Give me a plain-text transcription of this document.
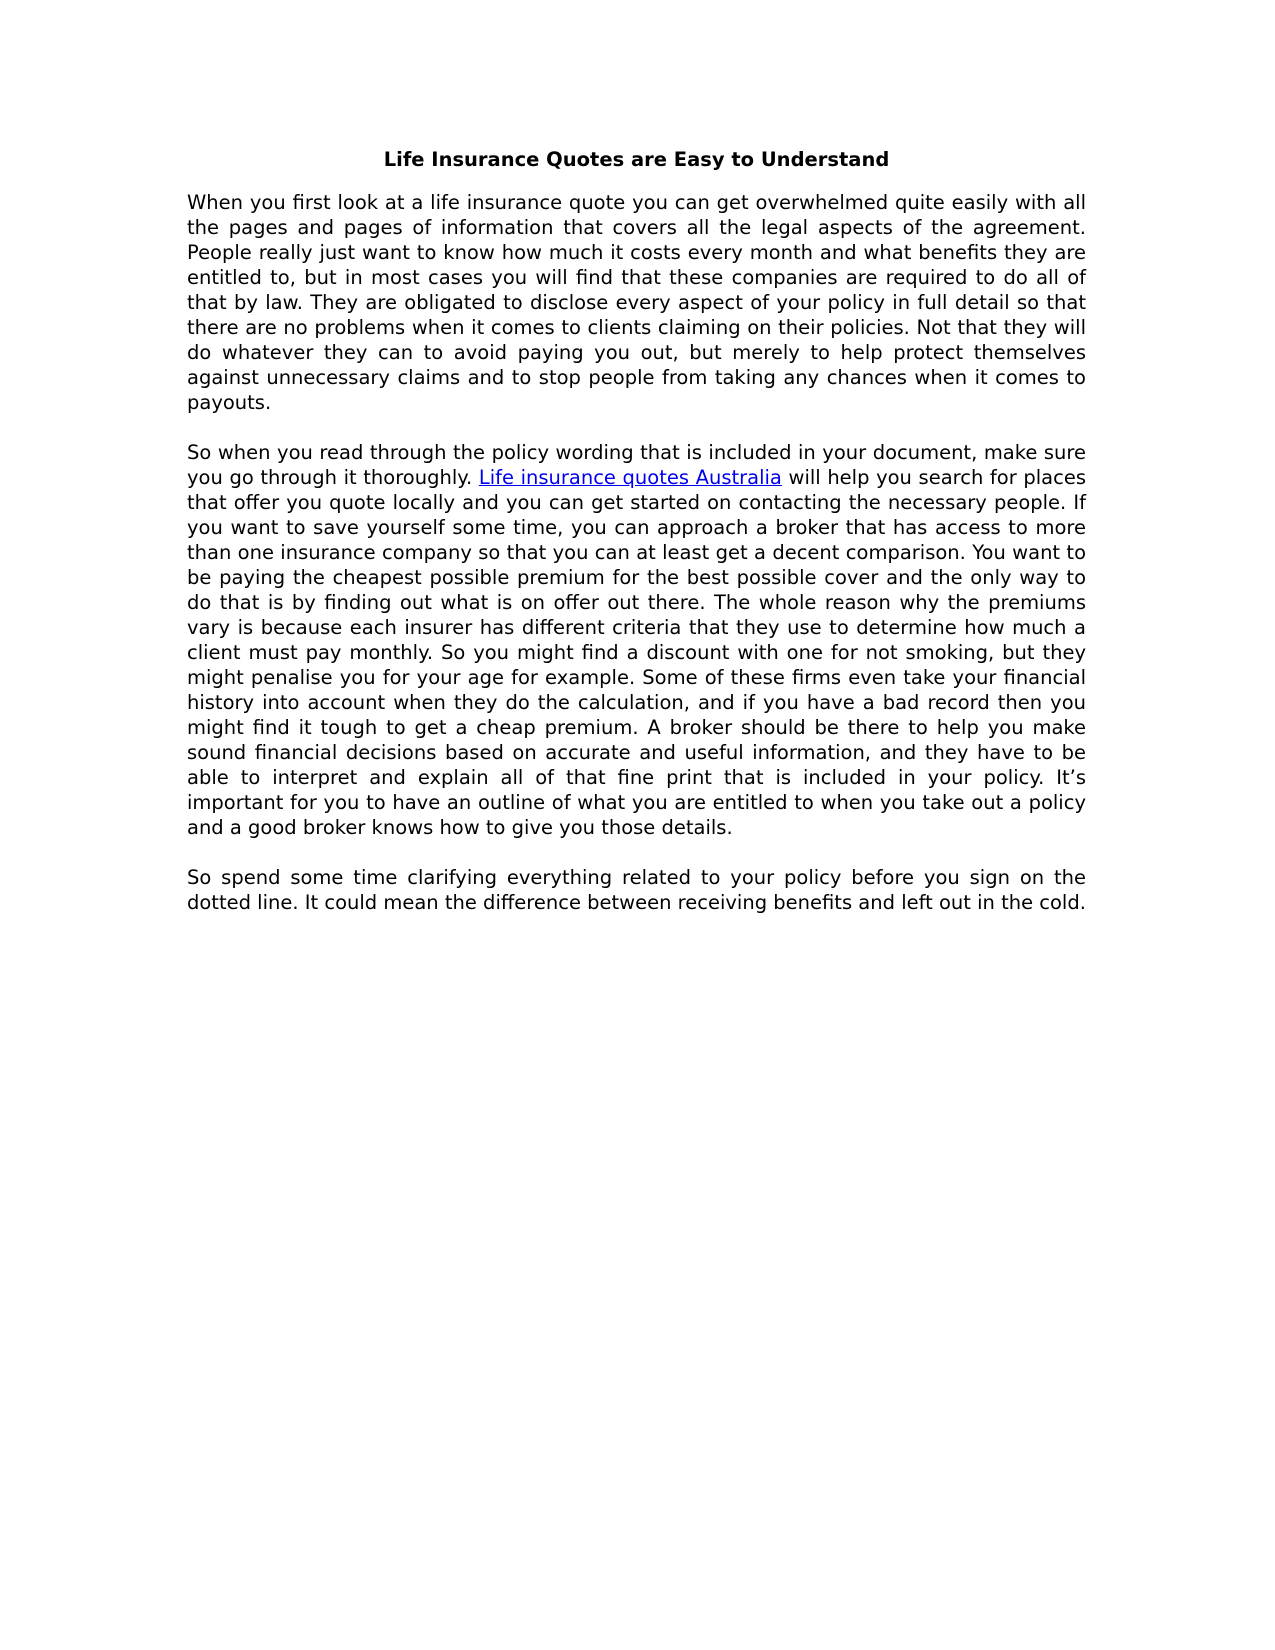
Life Insurance Quotes are Easy to Understand

When you first look at a life insurance quote you can get overwhelmed quite easily with all the pages and pages of information that covers all the legal aspects of the agreement. People really just want to know how much it costs every month and what benefits they are entitled to, but in most cases you will find that these companies are required to do all of that by law. They are obligated to disclose every aspect of your policy in full detail so that there are no problems when it comes to clients claiming on their policies. Not that they will do whatever they can to avoid paying you out, but merely to help protect themselves against unnecessary claims and to stop people from taking any chances when it comes to payouts.

So when you read through the policy wording that is included in your document, make sure you go through it thoroughly. Life insurance quotes Australia will help you search for places that offer you quote locally and you can get started on contacting the necessary people. If you want to save yourself some time, you can approach a broker that has access to more than one insurance company so that you can at least get a decent comparison. You want to be paying the cheapest possible premium for the best possible cover and the only way to do that is by finding out what is on offer out there. The whole reason why the premiums vary is because each insurer has different criteria that they use to determine how much a client must pay monthly. So you might find a discount with one for not smoking, but they might penalise you for your age for example. Some of these firms even take your financial history into account when they do the calculation, and if you have a bad record then you might find it tough to get a cheap premium. A broker should be there to help you make sound financial decisions based on accurate and useful information, and they have to be able to interpret and explain all of that fine print that is included in your policy. It’s important for you to have an outline of what you are entitled to when you take out a policy and a good broker knows how to give you those details.

So spend some time clarifying everything related to your policy before you sign on the dotted line. It could mean the difference between receiving benefits and left out in the cold.
